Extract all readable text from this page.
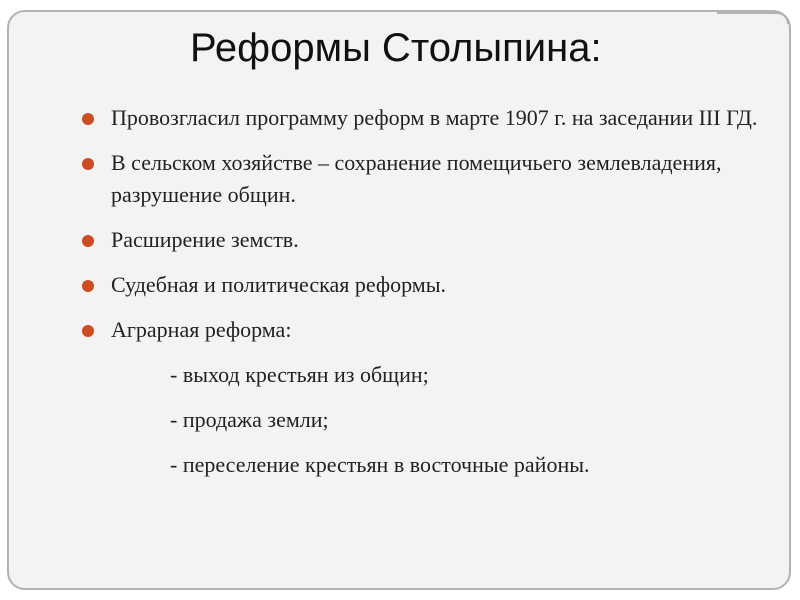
Реформы Столыпина:
Провозгласил программу реформ в марте 1907 г. на заседании III ГД.
В сельском хозяйстве – сохранение помещичьего землевладения, разрушение общин.
Расширение земств.
Судебная и политическая реформы.
Аграрная реформа:
- выход крестьян из общин;
- продажа земли;
- переселение крестьян в восточные районы.
